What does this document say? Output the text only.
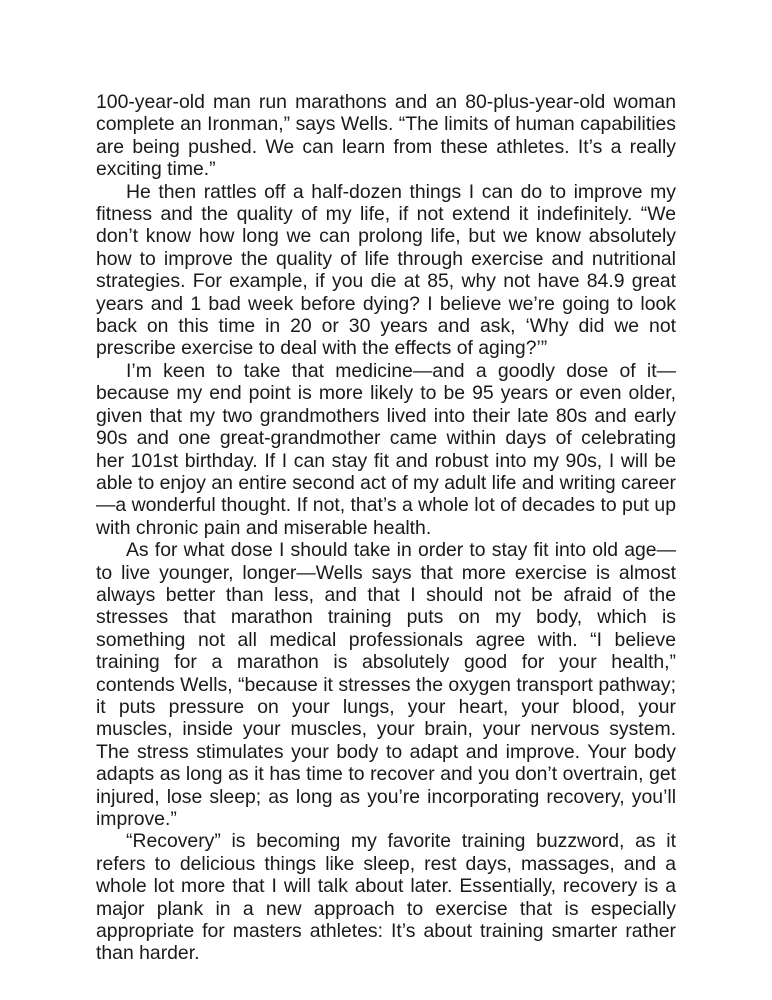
100-year-old man run marathons and an 80-plus-year-old woman complete an Ironman,” says Wells. “The limits of human capabilities are being pushed. We can learn from these athletes. It’s a really exciting time.”

He then rattles off a half-dozen things I can do to improve my fitness and the quality of my life, if not extend it indefinitely. “We don’t know how long we can prolong life, but we know absolutely how to improve the quality of life through exercise and nutritional strategies. For example, if you die at 85, why not have 84.9 great years and 1 bad week before dying? I believe we’re going to look back on this time in 20 or 30 years and ask, ‘Why did we not prescribe exercise to deal with the effects of aging?’”

I’m keen to take that medicine—and a goodly dose of it—because my end point is more likely to be 95 years or even older, given that my two grandmothers lived into their late 80s and early 90s and one great-grandmother came within days of celebrating her 101st birthday. If I can stay fit and robust into my 90s, I will be able to enjoy an entire second act of my adult life and writing career—a wonderful thought. If not, that’s a whole lot of decades to put up with chronic pain and miserable health.

As for what dose I should take in order to stay fit into old age—to live younger, longer—Wells says that more exercise is almost always better than less, and that I should not be afraid of the stresses that marathon training puts on my body, which is something not all medical professionals agree with. “I believe training for a marathon is absolutely good for your health,” contends Wells, “because it stresses the oxygen transport pathway; it puts pressure on your lungs, your heart, your blood, your muscles, inside your muscles, your brain, your nervous system. The stress stimulates your body to adapt and improve. Your body adapts as long as it has time to recover and you don’t overtrain, get injured, lose sleep; as long as you’re incorporating recovery, you’ll improve.”

“Recovery” is becoming my favorite training buzzword, as it refers to delicious things like sleep, rest days, massages, and a whole lot more that I will talk about later. Essentially, recovery is a major plank in a new approach to exercise that is especially appropriate for masters athletes: It’s about training smarter rather than harder.
